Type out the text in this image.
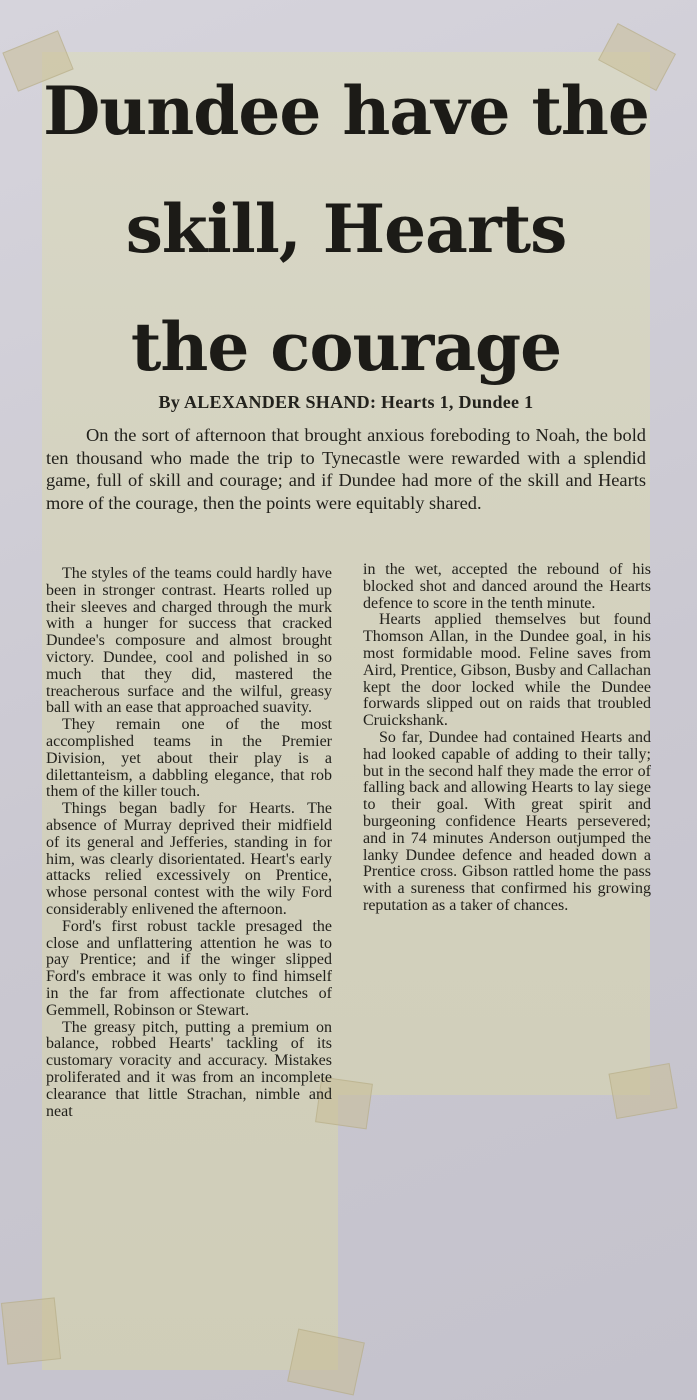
Dundee have the
skill, Hearts
the courage
By ALEXANDER SHAND: Hearts 1, Dundee 1
On the sort of afternoon that brought anxious foreboding to Noah, the bold ten thousand who made the trip to Tynecastle were rewarded with a splendid game, full of skill and courage; and if Dundee had more of the skill and Hearts more of the courage, then the points were equitably shared.

The styles of the teams could hardly have been in stronger contrast. Hearts rolled up their sleeves and charged through the murk with a hunger for success that cracked Dundee's composure and almost brought victory. Dundee, cool and polished in so much that they did, mastered the treacherous surface and the wilful, greasy ball with an ease that approached suavity.

They remain one of the most accomplished teams in the Premier Division, yet about their play is a dilettanteism, a dabbling elegance, that rob them of the killer touch.

Things began badly for Hearts. The absence of Murray deprived their midfield of its general and Jefferies, standing in for him, was clearly disorientated. Heart's early attacks relied excessively on Prentice, whose personal contest with the wily Ford considerably enlivened the afternoon.

Ford's first robust tackle presaged the close and unflattering attention he was to pay Prentice; and if the winger slipped Ford's embrace it was only to find himself in the far from affectionate clutches of Gemmell, Robinson or Stewart.

The greasy pitch, putting a premium on balance, robbed Hearts' tackling of its customary voracity and accuracy. Mistakes proliferated and it was from an incomplete clearance that little Strachan, nimble and neat

in the wet, accepted the rebound of his blocked shot and danced around the Hearts defence to score in the tenth minute.

Hearts applied themselves but found Thomson Allan, in the Dundee goal, in his most formidable mood. Feline saves from Aird, Prentice, Gibson, Busby and Callachan kept the door locked while the Dundee forwards slipped out on raids that troubled Cruickshank.

So far, Dundee had contained Hearts and had looked capable of adding to their tally; but in the second half they made the error of falling back and allowing Hearts to lay siege to their goal. With great spirit and burgeoning confidence Hearts persevered; and in 74 minutes Anderson outjumped the lanky Dundee defence and headed down a Prentice cross. Gibson rattled home the pass with a sureness that confirmed his growing reputation as a taker of chances.
